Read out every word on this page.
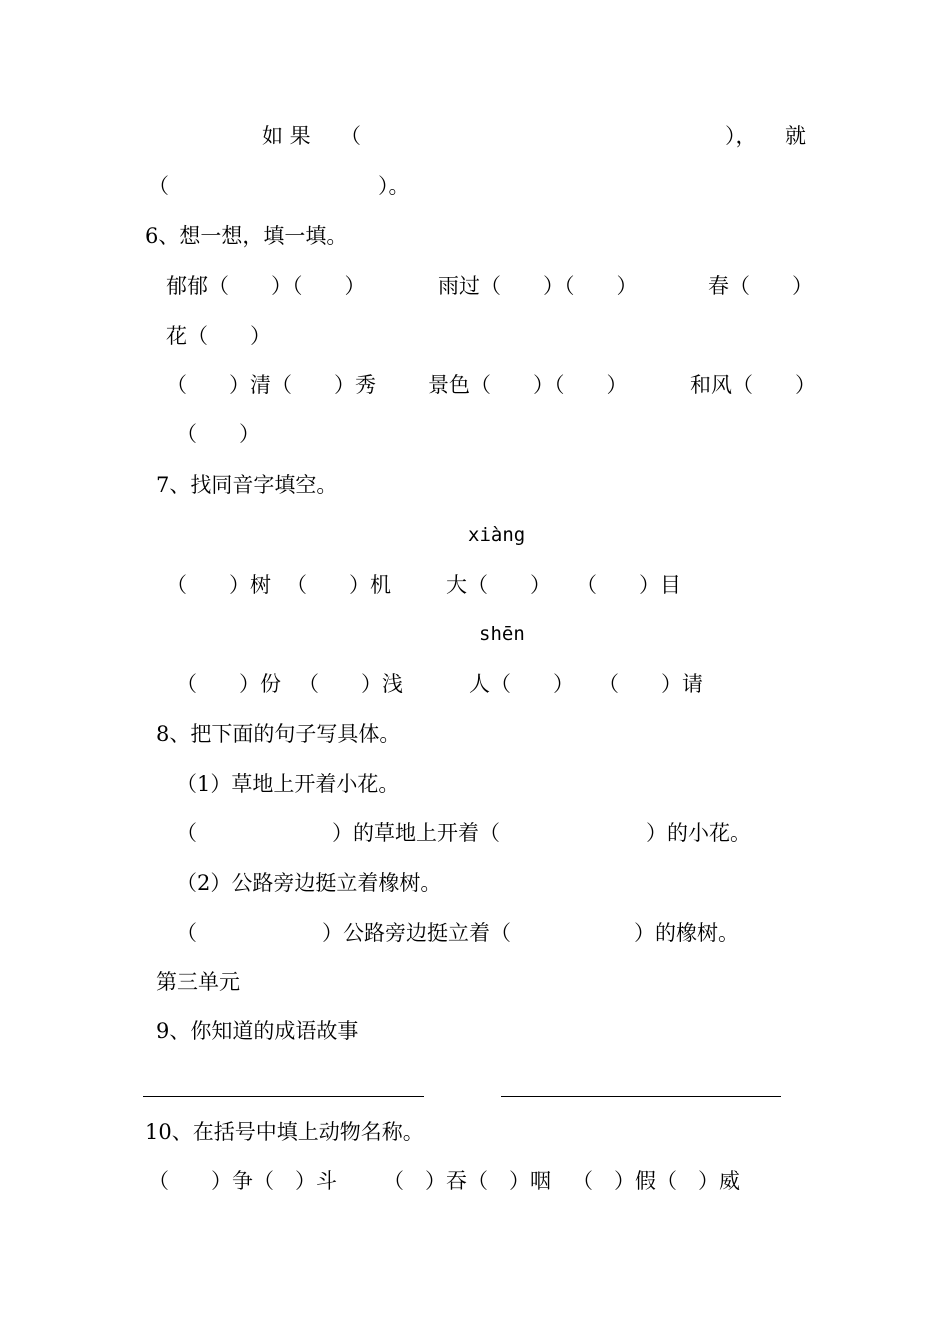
如 果 （	）， 就
（	）。
6、想一想，填一填。
郁郁（　　）（　　）	雨过（　　）（　　）	春（　　）
花（　　）
（　　）清（　　）秀 景色（　　）（　　）	和风（　　）
（　　）
7、找同音字填空。
xiàng
（　　）树 （　　）机	大（　　） （　　）目
shēn
（　　）份 （　　）浅	人（　　） （　　）请
8、把下面的句子写具体。
（1）草地上开着小花。
（	）的草地上开着（	）的小花。
（2）公路旁边挺立着橡树。
（	）公路旁边挺立着（	）的橡树。
第三单元
9、你知道的成语故事
10、在括号中填上动物名称。
（　　）争（　）斗 （　）吞（　）咽 （　）假（　）威
